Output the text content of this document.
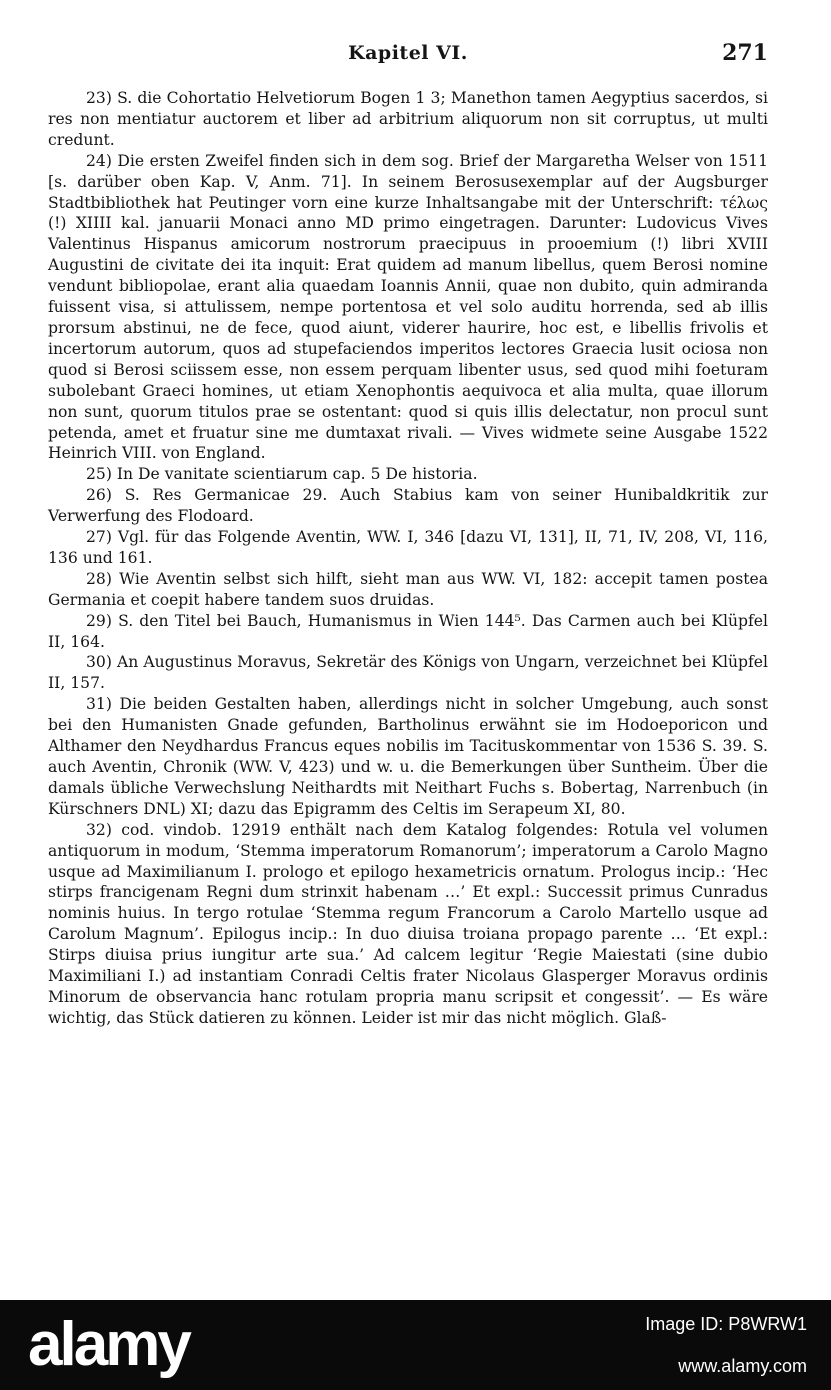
Kapitel VI.	271

23) S. die Cohortatio Helvetiorum Bogen 1 3; Manethon tamen Aegyptius sacerdos, si res non mentiatur auctorem et liber ad arbitrium aliquorum non sit corruptus, ut multi credunt.

24) Die ersten Zweifel finden sich in dem sog. Brief der Margaretha Welser von 1511 [s. darüber oben Kap. V, Anm. 71]. In seinem Berosusexemplar auf der Augsburger Stadtbibliothek hat Peutinger vorn eine kurze Inhaltsangabe mit der Unterschrift: τέλως (!) XIIII kal. januarii Monaci anno MD primo eingetragen. Darunter: Ludovicus Vives Valentinus Hispanus amicorum nostrorum praecipuus in prooemium (!) libri XVIII Augustini de civitate dei ita inquit: Erat quidem ad manum libellus, quem Berosi nomine vendunt bibliopolae, erant alia quaedam Ioannis Annii, quae non dubito, quin admiranda fuissent visa, si attulissem, nempe portentosa et vel solo auditu horrenda, sed ab illis prorsum abstinui, ne de fece, quod aiunt, viderer haurire, hoc est, e libellis frivolis et incertorum autorum, quos ad stupefaciendos imperitos lectores Graecia lusit ociosa non quod si Berosi sciissem esse, non essem perquam libenter usus, sed quod mihi foeturam subolebant Graeci homines, ut etiam Xenophontis aequivoca et alia multa, quae illorum non sunt, quorum titulos prae se ostentant: quod si quis illis delectatur, non procul sunt petenda, amet et fruatur sine me dumtaxat rivali. — Vives widmete seine Ausgabe 1522 Heinrich VIII. von England.

25) In De vanitate scientiarum cap. 5 De historia.

26) S. Res Germanicae 29. Auch Stabius kam von seiner Hunibaldkritik zur Verwerfung des Flodoard.

27) Vgl. für das Folgende Aventin, WW. I, 346 [dazu VI, 131], II, 71, IV, 208, VI, 116, 136 und 161.

28) Wie Aventin selbst sich hilft, sieht man aus WW. VI, 182: accepit tamen postea Germania et coepit habere tandem suos druidas.

29) S. den Titel bei Bauch, Humanismus in Wien 144⁵. Das Carmen auch bei Klüpfel II, 164.

30) An Augustinus Moravus, Sekretär des Königs von Ungarn, verzeichnet bei Klüpfel II, 157.

31) Die beiden Gestalten haben, allerdings nicht in solcher Umgebung, auch sonst bei den Humanisten Gnade gefunden, Bartholinus erwähnt sie im Hodoeporicon und Althamer den Neydhardus Francus eques nobilis im Tacituskommentar von 1536 S. 39. S. auch Aventin, Chronik (WW. V, 423) und w. u. die Bemerkungen über Suntheim. Über die damals übliche Verwechslung Neithardts mit Neithart Fuchs s. Bobertag, Narrenbuch (in Kürschners DNL) XI; dazu das Epigramm des Celtis im Serapeum XI, 80.

32) cod. vindob. 12919 enthält nach dem Katalog folgendes: Rotula vel volumen antiquorum in modum, ‘Stemma imperatorum Romanorum’; imperatorum a Carolo Magno usque ad Maximilianum I. prologo et epilogo hexametricis ornatum. Prologus incip.: ‘Hec stirps francigenam Regni dum strinxit habenam …’ Et expl.: Successit primus Cunradus nominis huius. In tergo rotulae ‘Stemma regum Francorum a Carolo Martello usque ad Carolum Magnum’. Epilogus incip.: In duo diuisa troiana propago parente … ‘Et expl.: Stirps diuisa prius iungitur arte sua.’ Ad calcem legitur ‘Regie Maiestati (sine dubio Maximiliani I.) ad instantiam Conradi Celtis frater Nicolaus Glasperger Moravus ordinis Minorum de observancia hanc rotulam propria manu scripsit et congessit’. — Es wäre wichtig, das Stück datieren zu können. Leider ist mir das nicht möglich. Glaß-

alamy	Image ID: P8WRW1
www.alamy.com
